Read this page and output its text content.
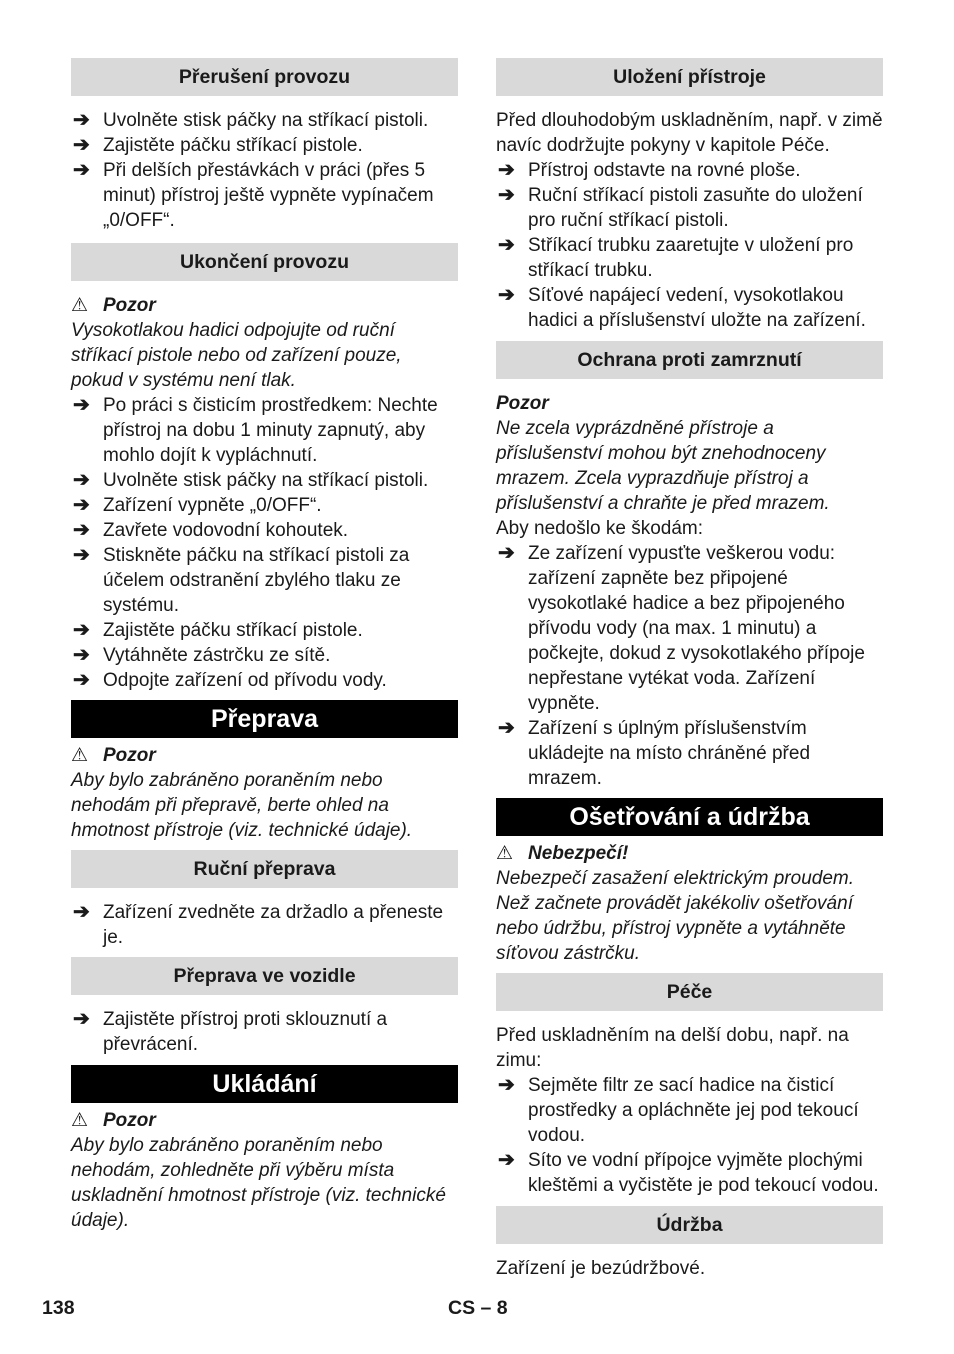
Přerušení provozu
➔ Uvolněte stisk páčky na stříkací pistoli.
➔ Zajistěte páčku stříkací pistole.
➔ Při delších přestávkách v práci (přes 5 minut) přístroj ještě vypněte vypínačem „0/OFF“.
Ukončení provozu

⚠ Pozor

Vysokotlakou hadici odpojujte od ruční stříkací pistole nebo od zařízení pouze, pokud v systému není tlak.

➔ Po práci s čisticím prostředkem: Nechte přístroj na dobu 1 minuty zapnutý, aby mohlo dojít k vypláchnutí.
➔ Uvolněte stisk páčky na stříkací pistoli.
➔ Zařízení vypněte „0/OFF“.
➔ Zavřete vodovodní kohoutek.
➔ Stiskněte páčku na stříkací pistoli za účelem odstranění zbylého tlaku ze systému.
➔ Zajistěte páčku stříkací pistole.
➔ Vytáhněte zástrčku ze sítě.
➔ Odpojte zařízení od přívodu vody.
Přeprava

⚠ Pozor

Aby bylo zabráněno poraněním nebo nehodám při přepravě, berte ohled na hmotnost přístroje (viz. technické údaje).

Ruční přeprava
➔ Zařízení zvedněte za držadlo a přeneste je.
Přeprava ve vozidle
➔ Zajistěte přístroj proti sklouznutí a převrácení.
Ukládání

⚠ Pozor

Aby bylo zabráněno poraněním nebo nehodám, zohledněte při výběru místa uskladnění hmotnost přístroje (viz. technické údaje).

Uložení přístroje

Před dlouhodobým uskladněním, např. v zimě navíc dodržujte pokyny v kapitole Péče.

➔ Přístroj odstavte na rovné ploše.
➔ Ruční stříkací pistoli zasuňte do uložení pro ruční stříkací pistoli.
➔ Stříkací trubku zaaretujte v uložení pro stříkací trubku.
➔ Síťové napájecí vedení, vysokotlakou hadici a příslušenství uložte na zařízení.
Ochrana proti zamrznutí

Pozor

Ne zcela vyprázdněné přístroje a příslušenství mohou být znehodnoceny mrazem. Zcela vyprazdňuje přístroj a příslušenství a chraňte je před mrazem.

Aby nedošlo ke škodám:

➔ Ze zařízení vypusťte veškerou vodu: zařízení zapněte bez připojené vysokotlaké hadice a bez připojeného přívodu vody (na max. 1 minutu) a počkejte, dokud z vysokotlakého přípoje nepřestane vytékat voda. Zařízení vypněte.
➔ Zařízení s úplným příslušenstvím ukládejte na místo chráněné před mrazem.
Ošetřování a údržba

⚠ Nebezpečí!

Nebezpečí zasažení elektrickým proudem. Než začnete provádět jakékoliv ošetřování nebo údržbu, přístroj vypněte a vytáhněte síťovou zástrčku.

Péče

Před uskladněním na delší dobu, např. na zimu:

➔ Sejměte filtr ze sací hadice na čisticí prostředky a opláchněte jej pod tekoucí vodou.
➔ Síto ve vodní přípojce vyjměte plochými kleštěmi a vyčistěte je pod tekoucí vodou.
Údržba

Zařízení je bezúdržbové.

138	CS – 8
